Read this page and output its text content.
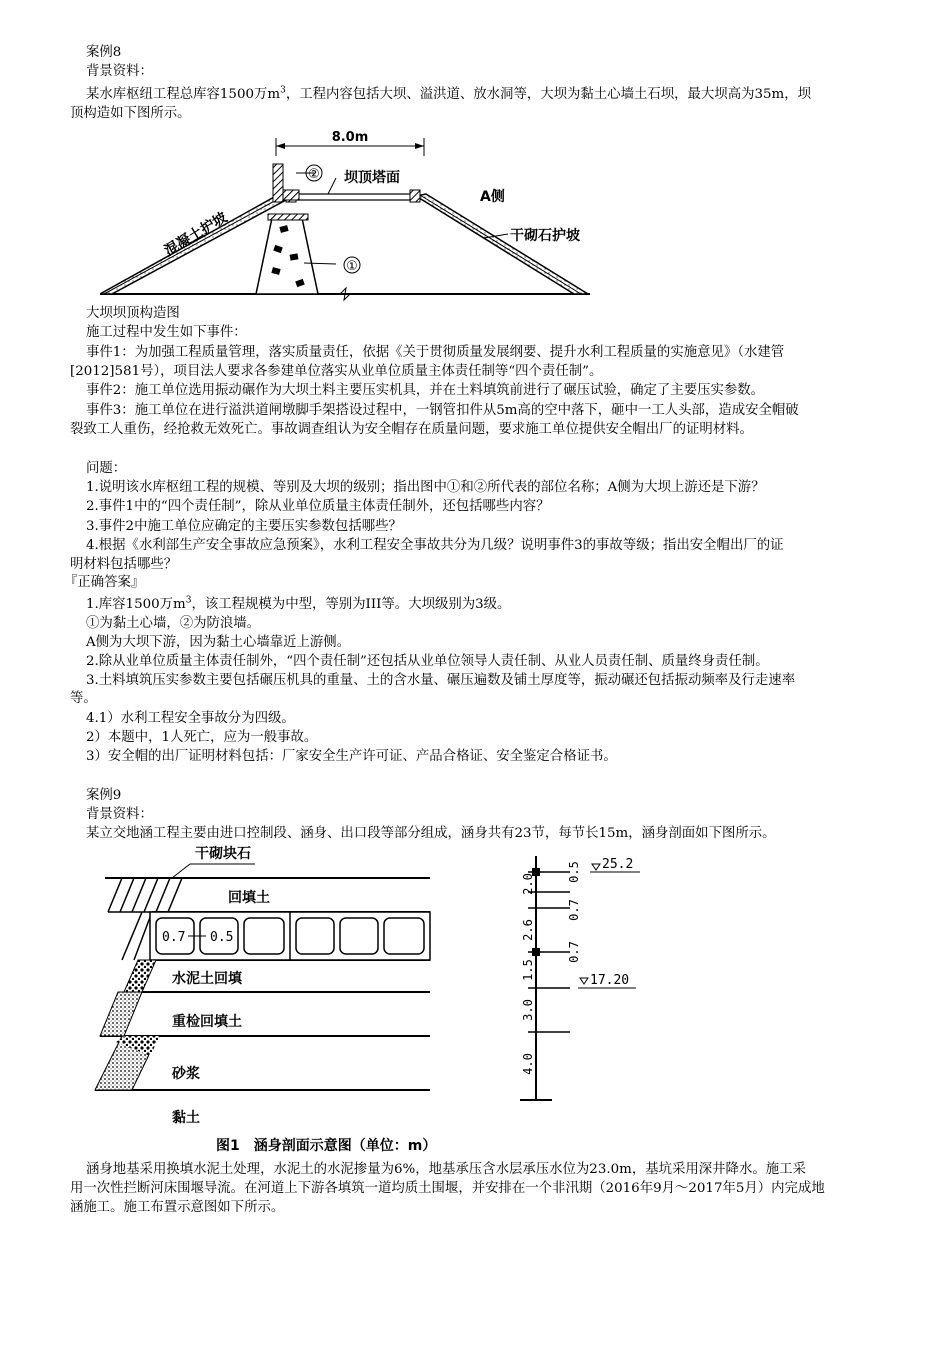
案例8
背景资料：
某水库枢纽工程总库容1500万$m^3$，工程内容包括大坝、溢洪道、放水洞等，大坝为黏土心墙土石坝，最大坝高为35m，坝
顶构造如下图所示。
8.0m
②
①
坝顶塔面
A侧
干砌石护坡
混凝土护坡
大坝坝顶构造图
施工过程中发生如下事件：
事件1：为加强工程质量管理，落实质量责任，依据《关于贯彻质量发展纲要、提升水利工程质量的实施意见》（水建管
[2012]581号），项目法人要求各参建单位落实从业单位质量主体责任制等“四个责任制”。
事件2：施工单位选用振动碾作为大坝土料主要压实机具，并在土料填筑前进行了碾压试验，确定了主要压实参数。
事件3：施工单位在进行溢洪道闸墩脚手架搭设过程中，一钢管扣件从5m高的空中落下，砸中一工人头部，造成安全帽破
裂致工人重伤，经抢救无效死亡。事故调查组认为安全帽存在质量问题，要求施工单位提供安全帽出厂的证明材料。
问题：
1.说明该水库枢纽工程的规模、等别及大坝的级别；指出图中①和②所代表的部位名称；A侧为大坝上游还是下游？
2.事件1中的“四个责任制”，除从业单位质量主体责任制外，还包括哪些内容？
3.事件2中施工单位应确定的主要压实参数包括哪些？
4.根据《水利部生产安全事故应急预案》，水利工程安全事故共分为几级？说明事件3的事故等级；指出安全帽出厂的证
明材料包括哪些？
『正确答案』
1.库容1500万$m^3$，该工程规模为中型，等别为III等。大坝级别为3级。
①为黏土心墙，②为防浪墙。
A侧为大坝下游，因为黏土心墙靠近上游侧。
2.除从业单位质量主体责任制外，“四个责任制”还包括从业单位领导人责任制、从业人员责任制、质量终身责任制。
3.土料填筑压实参数主要包括碾压机具的重量、土的含水量、碾压遍数及铺土厚度等，振动碾还包括振动频率及行走速率
等。
4.1）水利工程安全事故分为四级。
2）本题中，1人死亡，应为一般事故。
3）安全帽的出厂证明材料包括：厂家安全生产许可证、产品合格证、安全鉴定合格证书。
案例9
背景资料：
某立交地涵工程主要由进口控制段、涵身、出口段等部分组成，涵身共有23节，每节长15m，涵身剖面如下图所示。
干砌块石
0.7 0.5
回填土
水泥土回填
重检回填土
砂浆
黏土
2.0
2.6
1.5
3.0
4.0
0.5
0.7
0.7
25.2
17.20
图1　涵身剖面示意图（单位：m）
涵身地基采用换填水泥土处理，水泥土的水泥掺量为6%，地基承压含水层承压水位为23.0m，基坑采用深井降水。施工采
用一次性拦断河床围堰导流。在河道上下游各填筑一道均质土围堰，并安排在一个非汛期（2016年9月～2017年5月）内完成地
涵施工。施工布置示意图如下所示。
